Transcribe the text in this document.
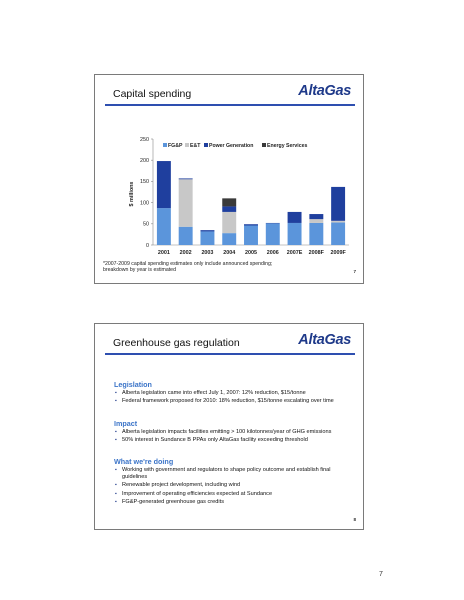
Capital spending	AltaGas
0
50
100
150
200
250
$ millions
2001 2002 2003 2004 2005 2006 2007E 2008F 2009F
FG&P E&T Power Generation	Energy Services
*2007-2009 capital spending estimates only include announced spending;
breakdown by year is estimated	7
Greenhouse gas regulation	AltaGas
Legislation
▪ Alberta legislation came into effect July 1, 2007: 12% reduction, $15/tonne
▪ Federal framework proposed for 2010: 18% reduction, $15/tonne escalating over time
Impact
▪ Alberta legislation impacts facilities emitting > 100 kilotonnes/year of GHG emissions
▪ 50% interest in Sundance B PPAs only AltaGas facility exceeding threshold
What we're doing
▪ Working with government and regulators to shape policy outcome and establish final guidelines
▪ Renewable project development, including wind
▪ Improvement of operating efficiencies expected at Sundance
▪ FG&P-generated greenhouse gas credits
8
7
